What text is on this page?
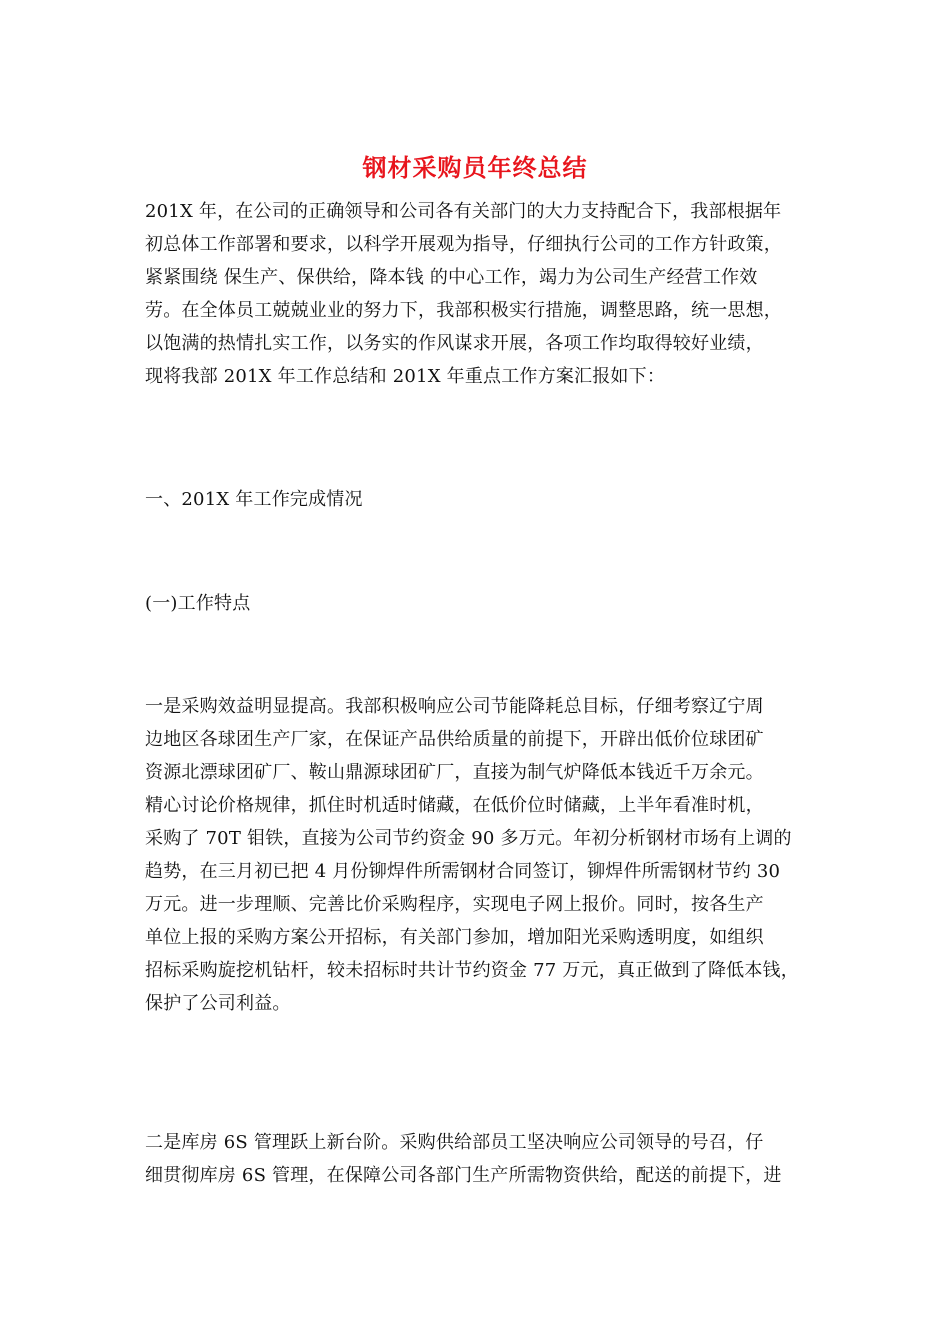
钢材采购员年终总结
201X 年，在公司的正确领导和公司各有关部门的大力支持配合下，我部根据年
初总体工作部署和要求，以科学开展观为指导，仔细执行公司的工作方针政策，
紧紧围绕 保生产、保供给，降本钱 的中心工作，竭力为公司生产经营工作效
劳。在全体员工兢兢业业的努力下，我部积极实行措施，调整思路，统一思想，
以饱满的热情扎实工作，以务实的作风谋求开展，各项工作均取得较好业绩，
现将我部 201X 年工作总结和 201X 年重点工作方案汇报如下：
一、201X 年工作完成情况
(一)工作特点
一是采购效益明显提高。我部积极响应公司节能降耗总目标，仔细考察辽宁周
边地区各球团生产厂家，在保证产品供给质量的前提下，开辟出低价位球团矿
资源北漂球团矿厂、鞍山鼎源球团矿厂，直接为制气炉降低本钱近千万余元。
精心讨论价格规律，抓住时机适时储藏，在低价位时储藏，上半年看准时机，
采购了 70T 钼铁，直接为公司节约资金 90 多万元。年初分析钢材市场有上调的
趋势，在三月初已把 4 月份铆焊件所需钢材合同签订，铆焊件所需钢材节约 30
万元。进一步理顺、完善比价采购程序，实现电子网上报价。同时，按各生产
单位上报的采购方案公开招标，有关部门参加，增加阳光采购透明度，如组织
招标采购旋挖机钻杆，较未招标时共计节约资金 77 万元，真正做到了降低本钱，
保护了公司利益。
二是库房 6S 管理跃上新台阶。采购供给部员工坚决响应公司领导的号召，仔
细贯彻库房 6S 管理，在保障公司各部门生产所需物资供给，配送的前提下，进
